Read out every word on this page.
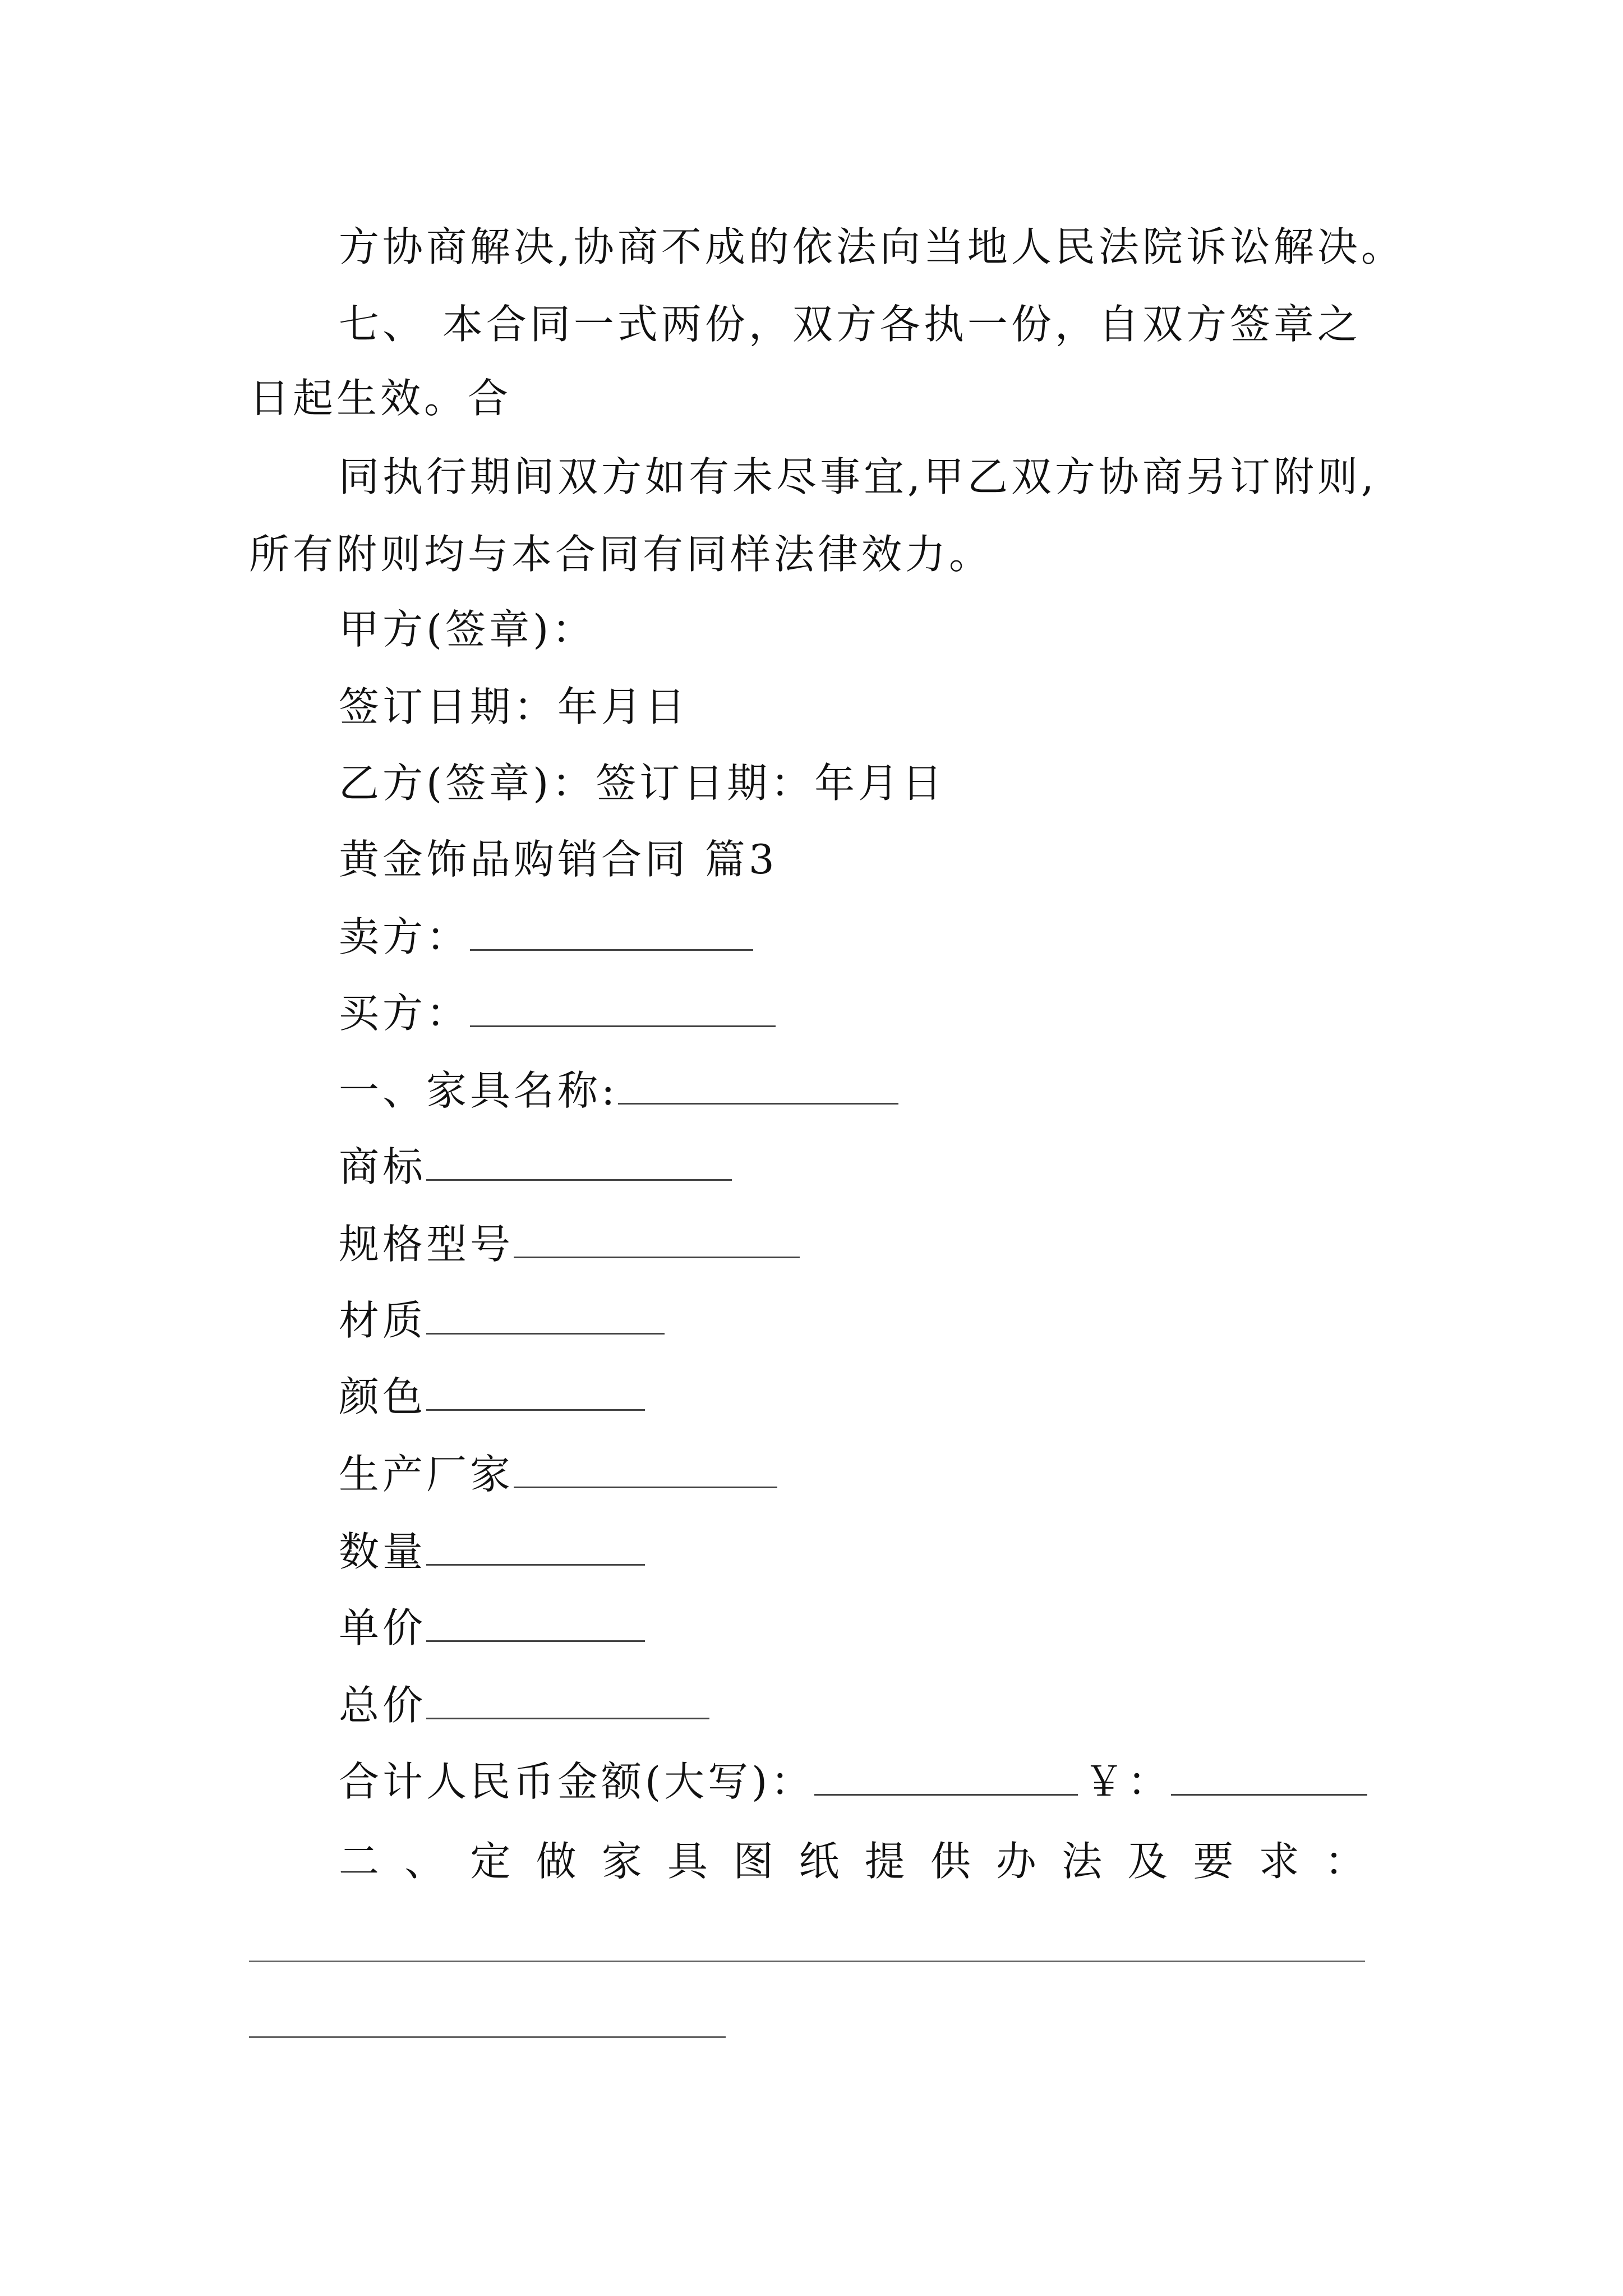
方协商解决,协商不成的依法向当地人民法院诉讼解决。
七、 本合同一式两份，双方各执一份，自双方签章之
日起生效。合
同执行期间双方如有未尽事宜,甲乙双方协商另订附则,
所有附则均与本合同有同样法律效力。
甲方(签章)：
签订日期：年月日
乙方(签章)：签订日期：年月日
黄金饰品购销合同 篇3
卖方：
买方：
一、家具名称:
商标
规格型号
材质
颜色
生产厂家
数量
单价
总价
合计人民币金额(大写)：	￥：
二 、 定 做 家 具 图 纸 提 供 办 法 及 要 求 ：
